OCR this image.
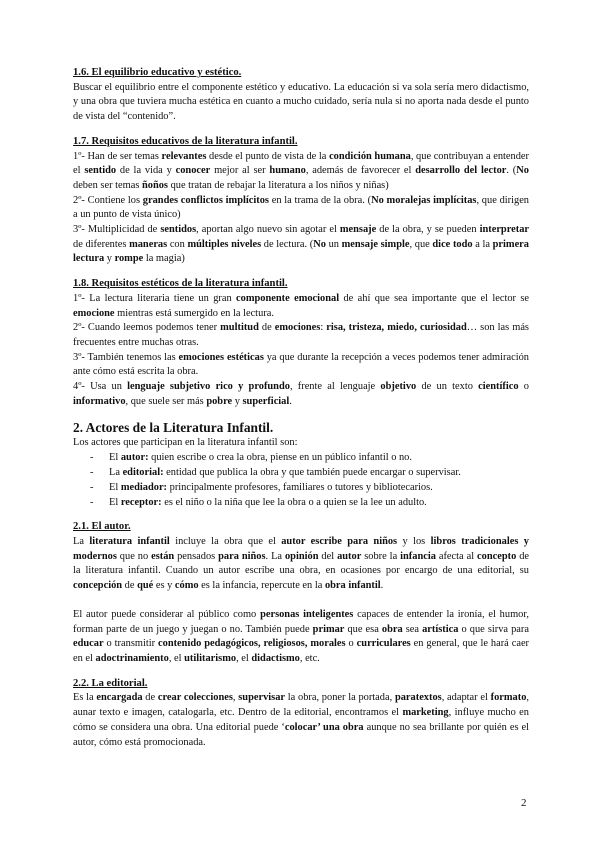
1.6. El equilibrio educativo y estético.

Buscar el equilibrio entre el componente estético y educativo. La educación si va sola sería mero didactismo, y una obra que tuviera mucha estética en cuanto a mucho cuidado, sería nula si no aporta nada desde el punto de vista del “contenido”.

1.7. Requisitos educativos de la literatura infantil.

1º- Han de ser temas relevantes desde el punto de vista de la condición humana, que contribuyan a entender el sentido de la vida y conocer mejor al ser humano, además de favorecer el desarrollo del lector. (No deben ser temas ñoños que tratan de rebajar la literatura a los niños y niñas)

2º- Contiene los grandes conflictos implícitos en la trama de la obra. (No moralejas implícitas, que dirigen a un punto de vista único)

3º- Multiplicidad de sentidos, aportan algo nuevo sin agotar el mensaje de la obra, y se pueden interpretar de diferentes maneras con múltiples niveles de lectura. (No un mensaje simple, que dice todo a la primera lectura y rompe la magia)

1.8. Requisitos estéticos de la literatura infantil.

1º- La lectura literaria tiene un gran componente emocional de ahí que sea importante que el lector se emocione mientras está sumergido en la lectura.

2º- Cuando leemos podemos tener multitud de emociones: risa, tristeza, miedo, curiosidad… son las más frecuentes entre muchas otras.

3º- También tenemos las emociones estéticas ya que durante la recepción a veces podemos tener admiración ante cómo está escrita la obra.

4º- Usa un lenguaje subjetivo rico y profundo, frente al lenguaje objetivo de un texto científico o informativo, que suele ser más pobre y superficial.

2. Actores de la Literatura Infantil.

Los actores que participan en la literatura infantil son:

- El autor: quien escribe o crea la obra, piense en un público infantil o no.
- La editorial: entidad que publica la obra y que también puede encargar o supervisar.
- El mediador: principalmente profesores, familiares o tutores y bibliotecarios.
- El receptor: es el niño o la niña que lee la obra o a quien se la lee un adulto.

2.1. El autor.

La literatura infantil incluye la obra que el autor escribe para niños y los libros tradicionales y modernos que no están pensados para niños. La opinión del autor sobre la infancia afecta al concepto de la literatura infantil. Cuando un autor escribe una obra, en ocasiones por encargo de una editorial, su concepción de qué es y cómo es la infancia, repercute en la obra infantil.

El autor puede considerar al público como personas inteligentes capaces de entender la ironía, el humor, forman parte de un juego y juegan o no. También puede primar que esa obra sea artística o que sirva para educar o transmitir contenido pedagógicos, religiosos, morales o curriculares en general, que le hará caer en el adoctrinamiento, el utilitarismo, el didactismo, etc.

2.2. La editorial.

Es la encargada de crear colecciones, supervisar la obra, poner la portada, paratextos, adaptar el formato, aunar texto e imagen, catalogarla, etc. Dentro de la editorial, encontramos el marketing, influye mucho en cómo se considera una obra. Una editorial puede ‘colocar’ una obra aunque no sea brillante por quién es el autor, cómo está promocionada.

2
